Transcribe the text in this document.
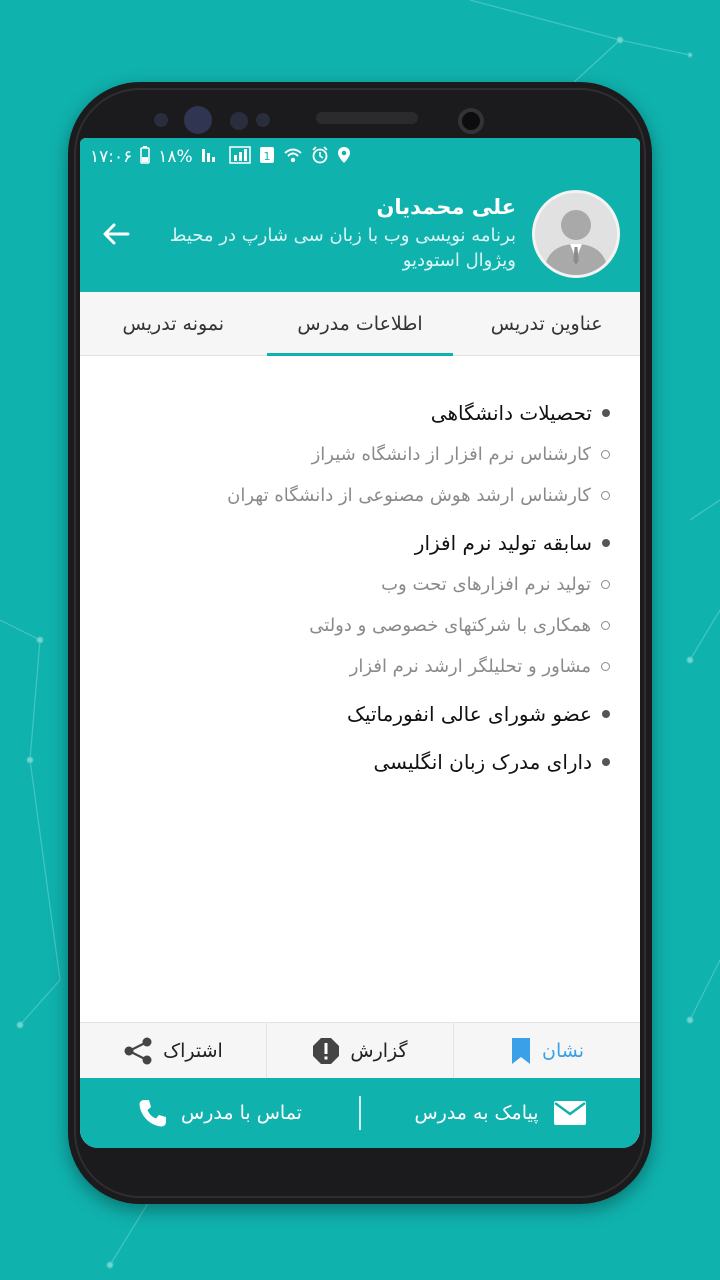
۱۷:۰۶ ۱۸%	1
علی محمدیان
برنامه نویسی وب با زبان سی شارپ در محیط ویژوال استودیو
عناوین تدریس
اطلاعات مدرس
نمونه تدریس
تحصیلات دانشگاهی
کارشناس نرم افزار از دانشگاه شیراز
کارشناس ارشد هوش مصنوعی از دانشگاه تهران
سابقه تولید نرم افزار
تولید نرم افزارهای تحت وب
همکاری با شرکتهای خصوصی و دولتی
مشاور و تحلیلگر ارشد نرم افزار
عضو شورای عالی انفورماتیک
دارای مدرک زبان انگلیسی
اشتراک	گزارش	نشان
تماس با مدرس	پیامک به مدرس
